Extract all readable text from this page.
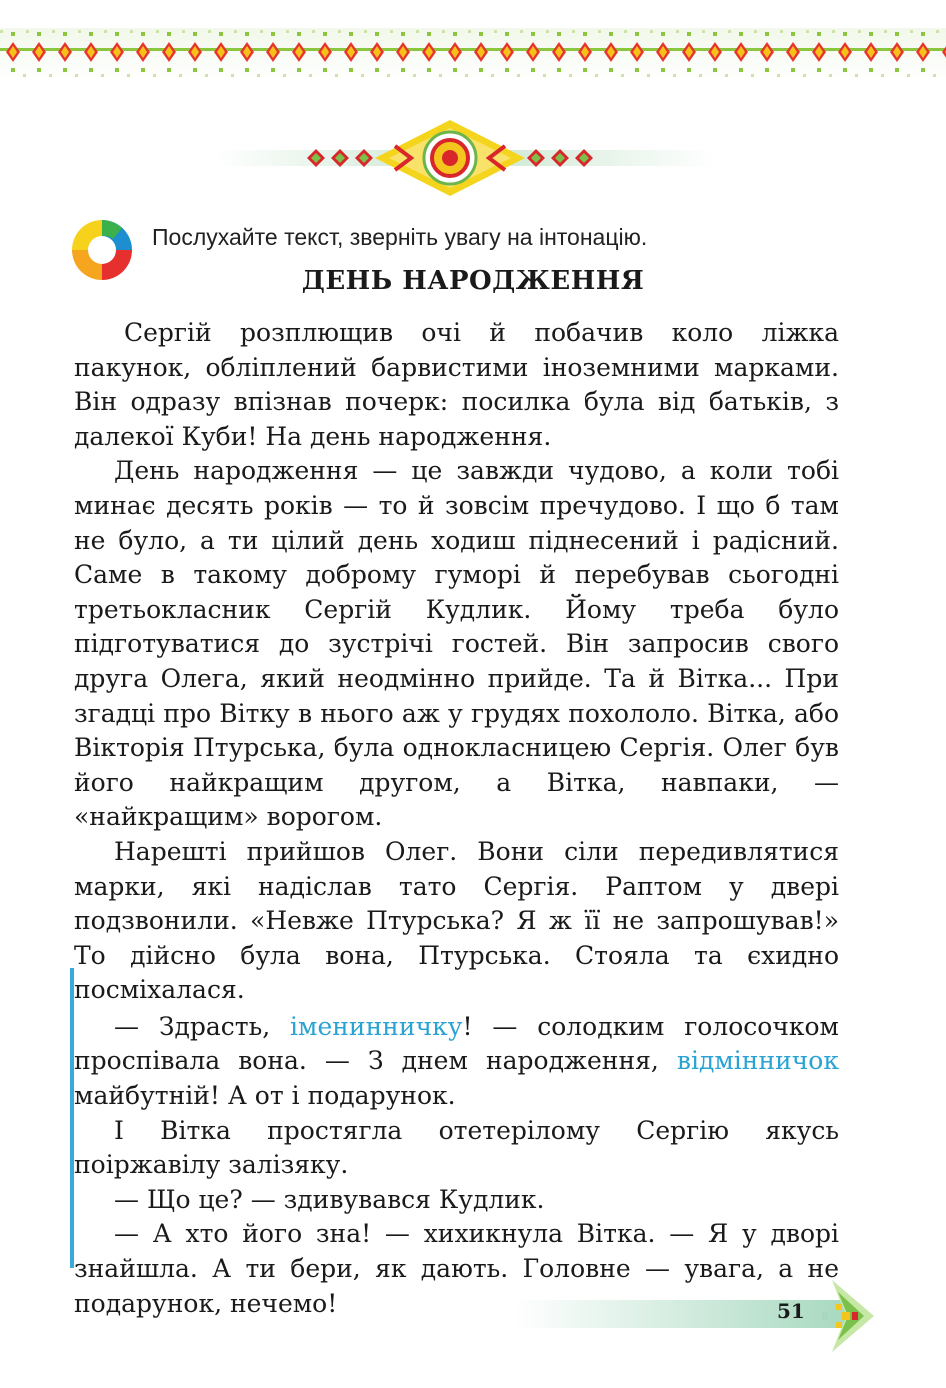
Послухайте текст, зверніть увагу на інтонацію.
ДЕНЬ НАРОДЖЕННЯ

Сергій розплющив очі й побачив коло ліжка пакунок, обліплений барвистими іноземними марками. Він одразу впізнав почерк: посилка була від батьків, з далекої Куби! На день народження.

День народження — це завжди чудово, а коли тобі минає десять років — то й зовсім пречудово. І що б там не було, а ти цілий день ходиш піднесений і радісний. Саме в такому доброму гуморі й перебував сьогодні третьокласник Сергій Кудлик. Йому треба було підготуватися до зустрічі гостей. Він запросив свого друга Олега, який неодмінно прийде. Та й Вітка... При згадці про Вітку в нього аж у грудях похололо. Вітка, або Вікторія Птурська, була однокласницею Сергія. Олег був його найкращим другом, а Вітка, навпаки, — «найкращим» ворогом.

Нарешті прийшов Олег. Вони сіли передивлятися марки, які надіслав тато Сергія. Раптом у двері подзвонили. «Невже Птурська? Я ж її не запрошував!» То дійсно була вона, Птурська. Стояла та єхидно посміхалася.

— Здрасть, іменинничку! — солодким голосочком проспівала вона. — З днем народження, відмінничок майбутній! А от і подарунок.

І Вітка простягла отетерілому Сергію якусь поіржавілу залізяку.

— Що це? — здивувався Кудлик.

— А хто його зна! — хихикнула Вітка. — Я у дворі знайшла. А ти бери, як дають. Головне — увага, а не подарунок, нечемо!	51
